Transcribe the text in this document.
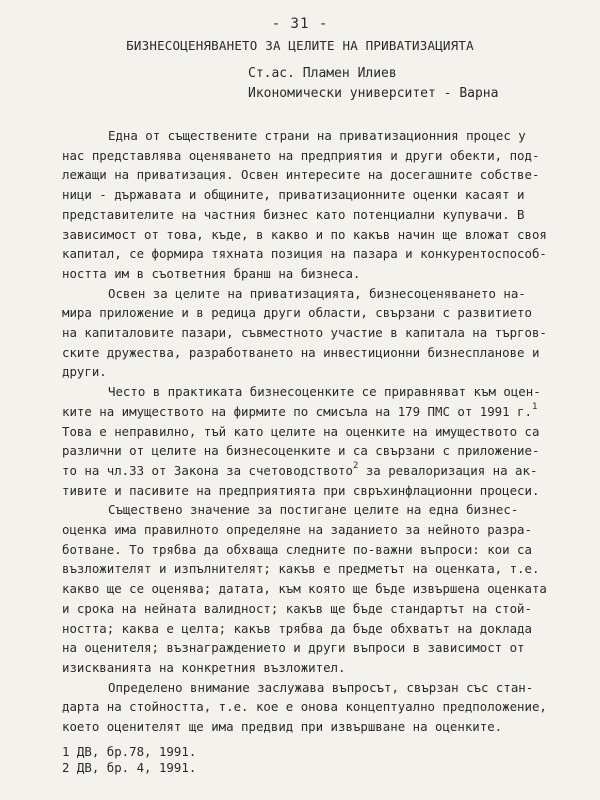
- 31 -
БИЗНЕСОЦЕНЯВАНЕТО ЗА ЦЕЛИТЕ НА ПРИВАТИЗАЦИЯТА
Ст.ас. Пламен Илиев
Икономически университет - Варна
Една от съществените страни на приватизационния процес у
нас представлява оценяването на предприятия и други обекти, под-
лежащи на приватизация. Освен интересите на досегашните собстве-
ници - държавата и общините, приватизационните оценки касаят и
представителите на частния бизнес като потенциални купувачи. В
зависимост от това, къде, в какво и по какъв начин ще вложат своя
капитал, се формира тяхната позиция на пазара и конкурентоспособ-
ността им в съответния бранш на бизнеса.
Освен за целите на приватизацията, бизнесоценяването на-
мира приложение и в редица други области, свързани с развитието
на капиталовите пазари, съвместното участие в капитала на търгов-
ските дружества, разработването на инвестиционни бизнеспланове и
други.
Често в практиката бизнесоценките се приравняват към оцен-
ките на имуществото на фирмите по смисъла на 179 ПМС от 1991 г.$^1$
Това е неправилно, тъй като целите на оценките на имуществото са
различни от целите на бизнесоценките и са свързани с приложение-
то на чл.33 от Закона за счетоводството$^2$ за ревалоризация на ак-
тивите и пасивите на предприятията при свръхинфлационни процеси.
Съществено значение за постигане целите на една бизнес-
оценка има правилното определяне на заданието за нейното разра-
ботване. То трябва да обхваща следните по-важни въпроси: кои са
възложителят и изпълнителят; какъв е предметът на оценката, т.е.
какво ще се оценява; датата, към която ще бъде извършена оценката
и срока на нейната валидност; какъв ще бъде стандартът на стой-
ността; каква е целта; какъв трябва да бъде обхватът на доклада
на оценителя; възнаграждението и други въпроси в зависимост от
изискванията на конкретния възложител.
Определено внимание заслужава въпросът, свързан със стан-
дарта на стойността, т.е. кое е онова концептуално предположение,
което оценителят ще има предвид при извършване на оценките.
1 ДВ, бр.78, 1991.
2 ДВ, бр. 4, 1991.
